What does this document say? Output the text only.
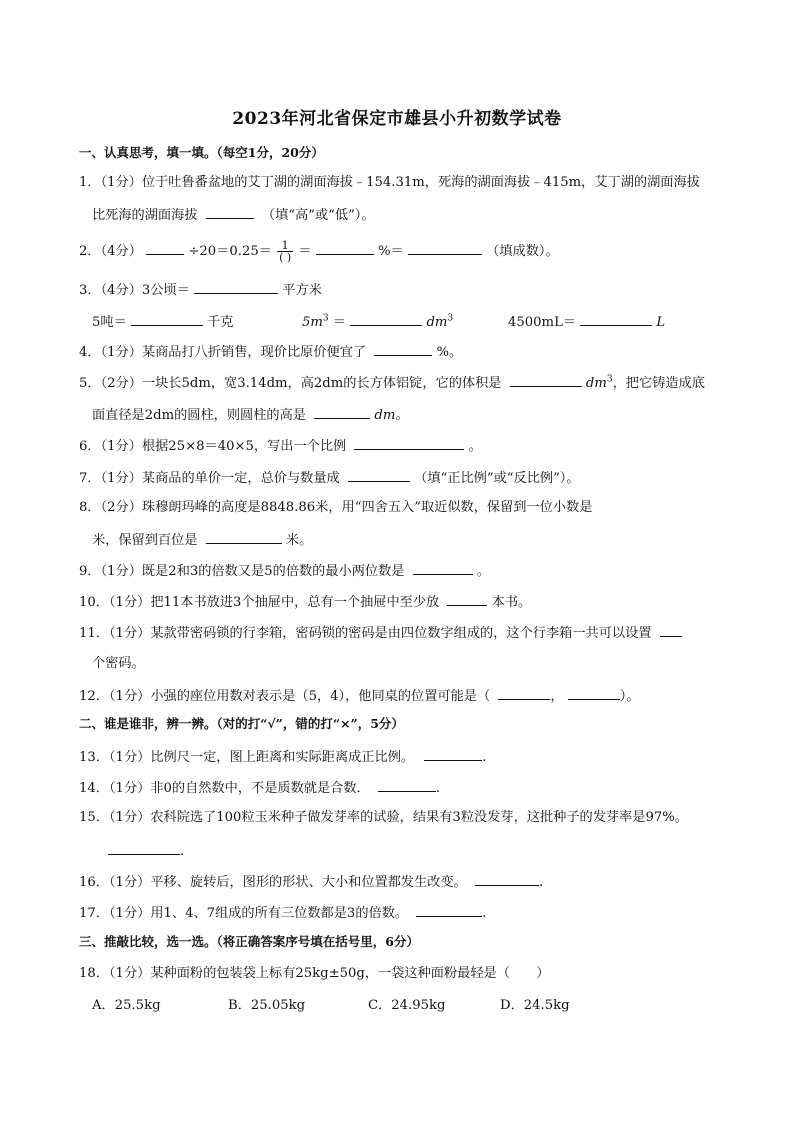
2023年河北省保定市雄县小升初数学试卷
一、认真思考，填一填。（每空1分，20分）
1．（1分）位于吐鲁番盆地的艾丁湖的湖面海拔﹣154.31m，死海的湖面海拔﹣415m，艾丁湖的湖面海拔
比死海的湖面海拔	（填“高”或“低”）。
2．（4分）	$\div 20=0.25= \frac{1}{( )}$ ＝	%＝	（填成数）。
3．（4分）3公顷＝	平方米
5吨＝	千克	$5m^3$ ＝	$dm^3$	4500mL＝	L
4．（1分）某商品打八折销售，现价比原价便宜了	%。
5．（2分）一块长5dm，宽3.14dm，高2dm的长方体铝锭，它的体积是	$dm^3$，把它铸造成底
面直径是2dm的圆柱，则圆柱的高是	dm。
6．（1分）根据25×8＝40×5，写出一个比例	。
7．（1分）某商品的单价一定，总价与数量成	（填“正比例”或“反比例”）。
8．（2分）珠穆朗玛峰的高度是8848.86米，用“四舍五入”取近似数，保留到一位小数是
米，保留到百位是	米。
9．（1分）既是2和3的倍数又是5的倍数的最小两位数是	。
10．（1分）把11本书放进3个抽屉中，总有一个抽屉中至少放	本书。
11．（1分）某款带密码锁的行李箱，密码锁的密码是由四位数字组成的，这个行李箱一共可以设置
个密码。
12．（1分）小强的座位用数对表示是（5，4），他同桌的位置可能是（	，	）。
二、谁是谁非，辨一辨。（对的打“√”，错的打“×”，5分）
13．（1分）比例尺一定，图上距离和实际距离成正比例。	.
14．（1分）非0的自然数中，不是质数就是合数．	.
15．（1分）农科院选了100粒玉米种子做发芽率的试验，结果有3粒没发芽，这批种子的发芽率是97%。
.
16．（1分）平移、旋转后，图形的形状、大小和位置都发生改变。	.
17．（1分）用1、4、7组成的所有三位数都是3的倍数。	.
三、推敲比较，选一选。（将正确答案序号填在括号里，6分）
18．（1分）某种面粉的包装袋上标有25kg±50g，一袋这种面粉最轻是（　　）
A．25.5kg	B．25.05kg	C．24.95kg	D．24.5kg
